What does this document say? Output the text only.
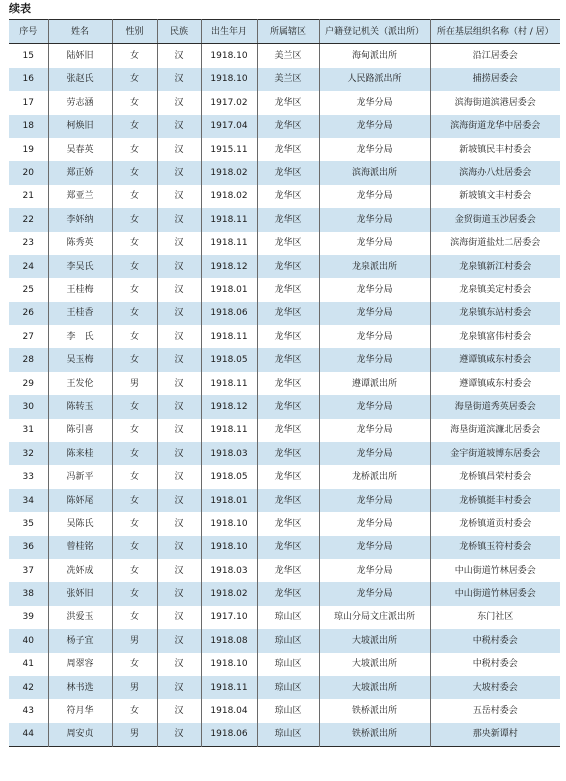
续表
序号	姓名	性别	民族	出生年月	所属辖区	户籍登记机关（派出所）	所在基层组织名称（村 / 居）
15	陆妚旧	女	汉	1918.10	美兰区	海甸派出所	沿江居委会
16	张赵氏	女	汉	1918.10	美兰区	人民路派出所	捕捞居委会
17	劳志涵	女	汉	1917.02	龙华区	龙华分局	滨海街道滨港居委会
18	柯焕旧	女	汉	1917.04	龙华区	龙华分局	滨海街道龙华中居委会
19	吴春英	女	汉	1915.11	龙华区	龙华分局	新坡镇民丰村委会
20	郑正娇	女	汉	1918.02	龙华区	滨海派出所	滨海办八灶居委会
21	郑亚兰	女	汉	1918.02	龙华区	龙华分局	新坡镇文丰村委会
22	李妚纳	女	汉	1918.11	龙华区	龙华分局	金贸街道玉沙居委会
23	陈秀英	女	汉	1918.11	龙华区	龙华分局	滨海街道盐灶二居委会
24	李吴氏	女	汉	1918.12	龙华区	龙泉派出所	龙泉镇新江村委会
25	王桂梅	女	汉	1918.01	龙华区	龙华分局	龙泉镇美定村委会
26	王桂香	女	汉	1918.06	龙华区	龙华分局	龙泉镇东站村委会
27	李　氏	女	汉	1918.11	龙华区	龙华分局	龙泉镇富伟村委会
28	吴玉梅	女	汉	1918.05	龙华区	龙华分局	遵谭镇咸东村委会
29	王发伦	男	汉	1918.11	龙华区	遵谭派出所	遵谭镇咸东村委会
30	陈转玉	女	汉	1918.12	龙华区	龙华分局	海垦街道秀英居委会
31	陈引喜	女	汉	1918.11	龙华区	龙华分局	海垦街道滨濂北居委会
32	陈来桂	女	汉	1918.03	龙华区	龙华分局	金宇街道坡博东居委会
33	冯新平	女	汉	1918.05	龙华区	龙桥派出所	龙桥镇昌荣村委会
34	陈妚尾	女	汉	1918.01	龙华区	龙华分局	龙桥镇挺丰村委会
35	吴陈氏	女	汉	1918.10	龙华区	龙华分局	龙桥镇道贡村委会
36	曾桂铭	女	汉	1918.10	龙华区	龙华分局	龙桥镇玉符村委会
37	冼妚成	女	汉	1918.03	龙华区	龙华分局	中山街道竹林居委会
38	张妚旧	女	汉	1918.02	龙华区	龙华分局	中山街道竹林居委会
39	洪爱玉	女	汉	1917.10	琼山区	琼山分局文庄派出所	东门社区
40	杨子宜	男	汉	1918.08	琼山区	大坡派出所	中税村委会
41	周翠容	女	汉	1918.10	琼山区	大坡派出所	中税村委会
42	林书选	男	汉	1918.11	琼山区	大坡派出所	大坡村委会
43	符月华	女	汉	1918.04	琼山区	铁桥派出所	五岳村委会
44	周安贞	男	汉	1918.06	琼山区	铁桥派出所	那央新谭村
